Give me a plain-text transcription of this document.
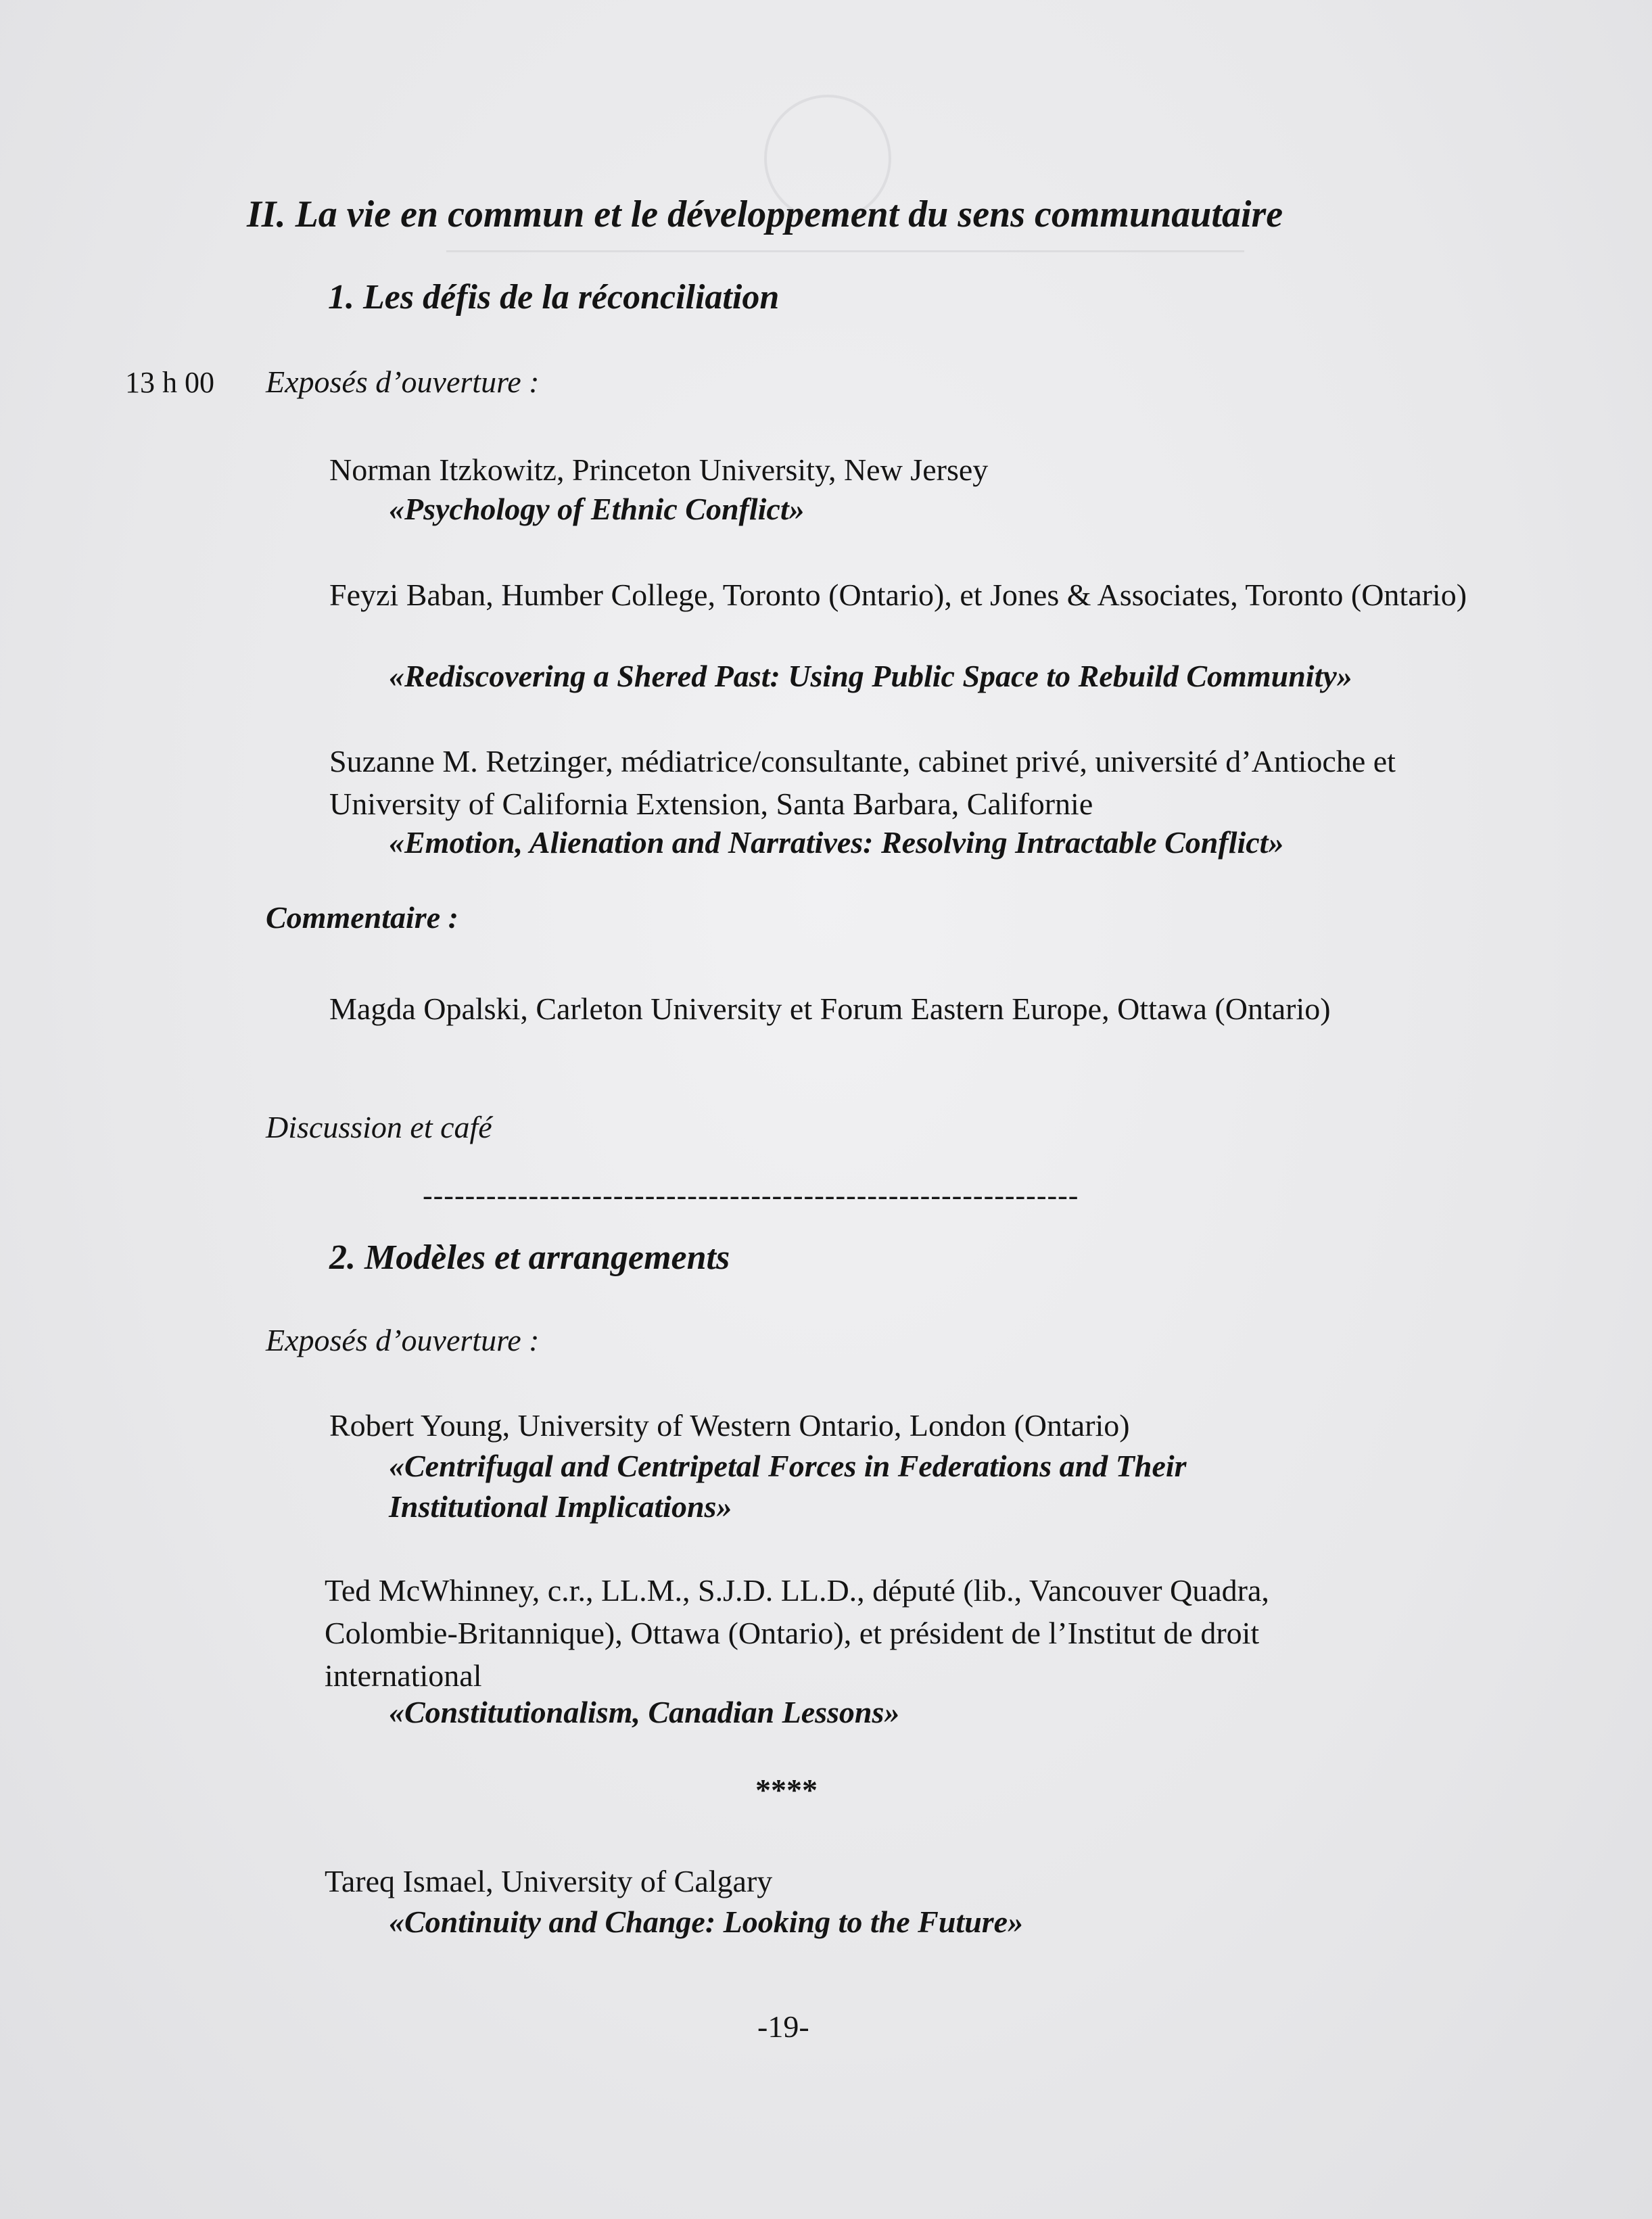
II. La vie en commun et le développement du sens communautaire
1. Les défis de la réconciliation
13 h 00 Exposés d’ouverture :
Norman Itzkowitz, Princeton University, New Jersey
«Psychology of Ethnic Conflict»
Feyzi Baban, Humber College, Toronto (Ontario), et Jones & Associates, Toronto (Ontario)
«Rediscovering a Shered Past: Using Public Space to Rebuild Community»
Suzanne M. Retzinger, médiatrice/consultante, cabinet privé, université d’Antioche et University of California Extension, Santa Barbara, Californie
«Emotion, Alienation and Narratives: Resolving Intractable Conflict»
Commentaire :
Magda Opalski, Carleton University et Forum Eastern Europe, Ottawa (Ontario)
Discussion et café
--------------------------------------------------------------
2. Modèles et arrangements
Exposés d’ouverture :
Robert Young, University of Western Ontario, London (Ontario)
«Centrifugal and Centripetal Forces in Federations and Their Institutional Implications»
Ted McWhinney, c.r., LL.M., S.J.D. LL.D., député (lib., Vancouver Quadra, Colombie-Britannique), Ottawa (Ontario), et président de l’Institut de droit international
«Constitutionalism, Canadian Lessons»
****
Tareq Ismael, University of Calgary
«Continuity and Change: Looking to the Future»
-19-
